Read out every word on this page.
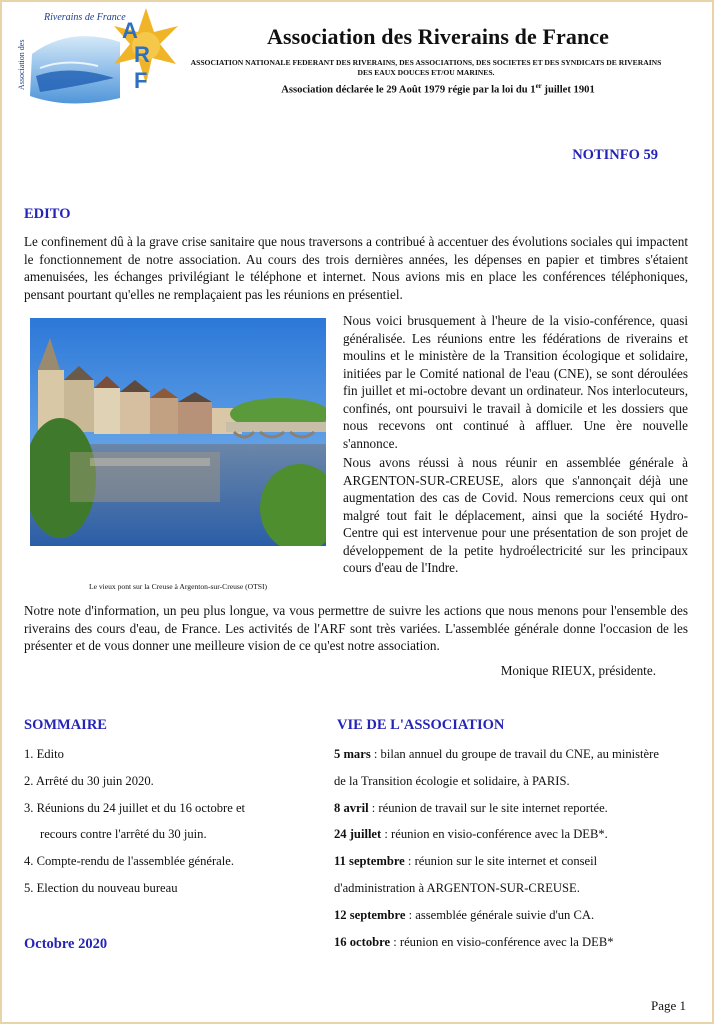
A
R
F
Riverains de France
Association des
Association des Riverains de France
ASSOCIATION NATIONALE FEDERANT DES RIVERAINS, DES ASSOCIATIONS, DES SOCIETES ET DES SYNDICATS DE RIVERAINS DES EAUX DOUCES ET/OU MARINES.
Association déclarée le 29 Août 1979 régie par la loi du 1er juillet 1901
NOTINFO 59
EDITO
Le confinement dû à la grave crise sanitaire que nous traversons a contribué à accentuer des évolutions sociales qui impactent le fonctionnement de notre association. Au cours des trois dernières années, les dépenses en papier et timbres s'étaient amenuisées, les échanges privilégiant le téléphone et internet. Nous avions mis en place les conférences téléphoniques, pensant pourtant qu'elles ne remplaçaient pas les réunions en présentiel.
Nous voici brusquement à l'heure de la visio-conférence, quasi généralisée. Les réunions entre les fédérations de riverains et moulins et le ministère de la Transition écologique et solidaire, initiées par le Comité national de l'eau (CNE), se sont déroulées fin juillet et mi-octobre devant un ordinateur. Nos interlocuteurs, confinés, ont poursuivi le travail à domicile et les dossiers que nous recevons ont continué à affluer. Une ère nouvelle s'annonce.
Nous avons réussi à nous réunir en assemblée générale à ARGENTON-SUR-CREUSE, alors que s'annonçait déjà une augmentation des cas de Covid. Nous remercions ceux qui ont malgré tout fait le déplacement, ainsi que la société Hydro-Centre qui est intervenue pour une présentation de son projet de développement de la petite hydroélectricité sur les principaux cours d'eau de l'Indre.
Le vieux pont sur la Creuse à Argenton-sur-Creuse (OTSI)
Notre note d'information, un peu plus longue, va vous permettre de suivre les actions que nous menons pour l'ensemble des riverains des cours d'eau, de France. Les activités de l'ARF sont très variées. L'assemblée générale donne l'occasion de les présenter et de vous donner une meilleure vision de ce qu'est notre association.
Monique RIEUX, présidente.
SOMMAIRE
1. Edito
2. Arrêté du 30 juin 2020.
3. Réunions du 24 juillet et du 16 octobre et
recours contre l'arrêté du 30 juin.
4. Compte-rendu de l'assemblée générale.
5. Election du nouveau bureau
Octobre 2020
VIE DE L'ASSOCIATION
5 mars : bilan annuel du groupe de travail du CNE, au ministère
de la Transition écologie et solidaire, à PARIS.
8 avril : réunion de travail sur le site internet reportée.
24 juillet : réunion en visio-conférence avec la DEB*.
11 septembre : réunion sur le site internet et conseil
d'administration à ARGENTON-SUR-CREUSE.
12 septembre : assemblée générale suivie d'un CA.
16 octobre : réunion en visio-conférence avec la DEB*
Page 1
